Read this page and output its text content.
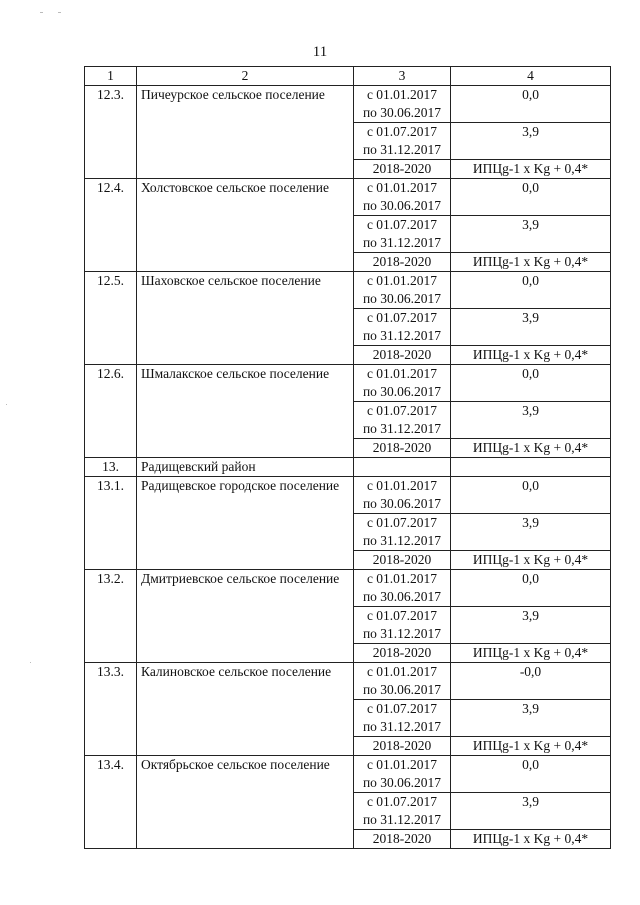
11
1	2	3	4
12.3.	Пичеурское сельское поселение	с 01.01.2017
по 30.06.2017	0,0

		с 01.07.2017
по 31.12.2017	3,9

		2018-2020	ИПЦg-1 x Kg + 0,4*
12.4.	Холстовское сельское поселение	с 01.01.2017
по 30.06.2017	0,0

		с 01.07.2017
по 31.12.2017	3,9

		2018-2020	ИПЦg-1 x Kg + 0,4*
12.5.	Шаховское сельское поселение	с 01.01.2017
по 30.06.2017	0,0

		с 01.07.2017
по 31.12.2017	3,9

		2018-2020	ИПЦg-1 x Kg + 0,4*
12.6.	Шмалакское сельское поселение	с 01.01.2017
по 30.06.2017	0,0

		с 01.07.2017
по 31.12.2017	3,9

		2018-2020	ИПЦg-1 x Kg + 0,4*
13.	Радищевский район		
13.1.	Радищевское городское поселение	с 01.01.2017
по 30.06.2017	0,0

		с 01.07.2017
по 31.12.2017	3,9

		2018-2020	ИПЦg-1 x Kg + 0,4*
13.2.	Дмитриевское сельское поселение	с 01.01.2017
по 30.06.2017	0,0

		с 01.07.2017
по 31.12.2017	3,9

		2018-2020	ИПЦg-1 x Kg + 0,4*
13.3.	Калиновское сельское поселение	с 01.01.2017
по 30.06.2017	-0,0

		с 01.07.2017
по 31.12.2017	3,9

		2018-2020	ИПЦg-1 x Kg + 0,4*
13.4.	Октябрьское сельское поселение	с 01.01.2017
по 30.06.2017	0,0

		с 01.07.2017
по 31.12.2017	3,9

		2018-2020	ИПЦg-1 x Kg + 0,4*
